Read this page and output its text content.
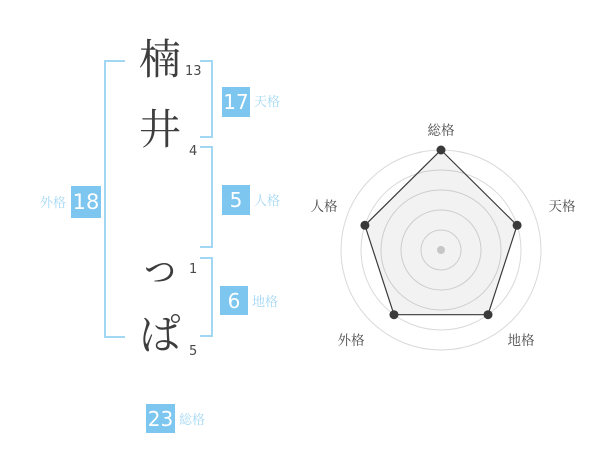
楠
井
っ
ぱ
13
4
1
5
17 天格
5 人格
18
外格
6 地格
23 総格
総格
天格
地格
外格
人格
